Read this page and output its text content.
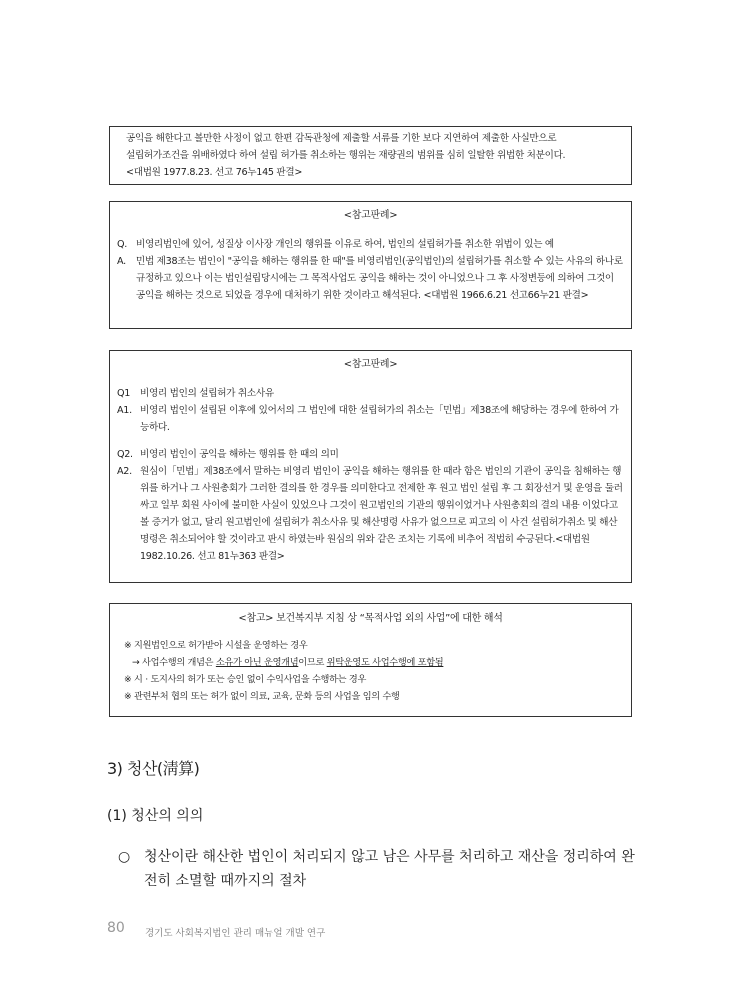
공익을 해한다고 볼만한 사정이 없고 한편 감독관청에 제출할 서류를 기한 보다 지연하여 제출한 사실만으로
설립허가조건을 위배하였다 하여 설립 허가를 취소하는 행위는 재량권의 범위를 심히 일탈한 위법한 처분이다.
<대법원 1977.8.23. 선고 76누145 판결>
<참고판례>
Q. 비영리법인에 있어, 성질상 이사장 개인의 행위를 이유로 하여, 법인의 설립허가를 취소한 위법이 있는 예
A. 민법 제38조는 법인이 "공익을 해하는 행위를 한 때"를 비영리법인(공익법인)의 설립허가를 취소할 수 있는 사유의 하나로 규정하고 있으나 이는 법인설립당시에는 그 목적사업도 공익을 해하는 것이 아니었으나 그 후 사정변등에 의하여 그것이 공익을 해하는 것으로 되었을 경우에 대처하기 위한 것이라고 해석된다. <대법원 1966.6.21 선고66누21 판결>
<참고판례>
Q1 비영리 법인의 설립허가 취소사유
A1. 비영리 법인이 설립된 이후에 있어서의 그 법인에 대한 설립허가의 취소는「민법」제38조에 해당하는 경우에 한하여 가능하다.
Q2. 비영리 법인이 공익을 해하는 행위를 한 때의 의미
A2. 원심이「민법」제38조에서 말하는 비영리 법인이 공익을 해하는 행위를 한 때라 함은 법인의 기관이 공익을 침해하는 행위를 하거나 그 사원총회가 그러한 결의를 한 경우를 의미한다고 전제한 후 원고 법인 설립 후 그 회장선거 및 운영을 둘러싸고 일부 회원 사이에 불미한 사실이 있었으나 그것이 원고법인의 기관의 행위이었거나 사원총회의 결의 내용 이었다고 볼 증거가 없고, 달리 원고법인에 설립허가 취소사유 및 해산명령 사유가 없으므로 피고의 이 사건 설립허가취소 및 해산 명령은 취소되어야 할 것이라고 판시 하였는바 원심의 위와 같은 조치는 기록에 비추어 적법히 수긍된다.<대법원 1982.10.26. 선고 81누363 판결>
<참고> 보건복지부 지침 상 “목적사업 외의 사업”에 대한 해석
※ 지원법인으로 허가받아 시설을 운영하는 경우
→ 사업수행의 개념은 소유가 아닌 운영개념이므로 위탁운영도 사업수행에 포함됨
※ 시 · 도지사의 허가 또는 승인 없이 수익사업을 수행하는 경우
※ 관련부처 협의 또는 허가 없이 의료, 교육, 문화 등의 사업을 임의 수행
3) 청산(淸算)
(1) 청산의 의의
○ 청산이란 해산한 법인이 처리되지 않고 남은 사무를 처리하고 재산을 정리하여 완전히 소멸할 때까지의 절차
80 경기도 사회복지법인 관리 매뉴얼 개발 연구
